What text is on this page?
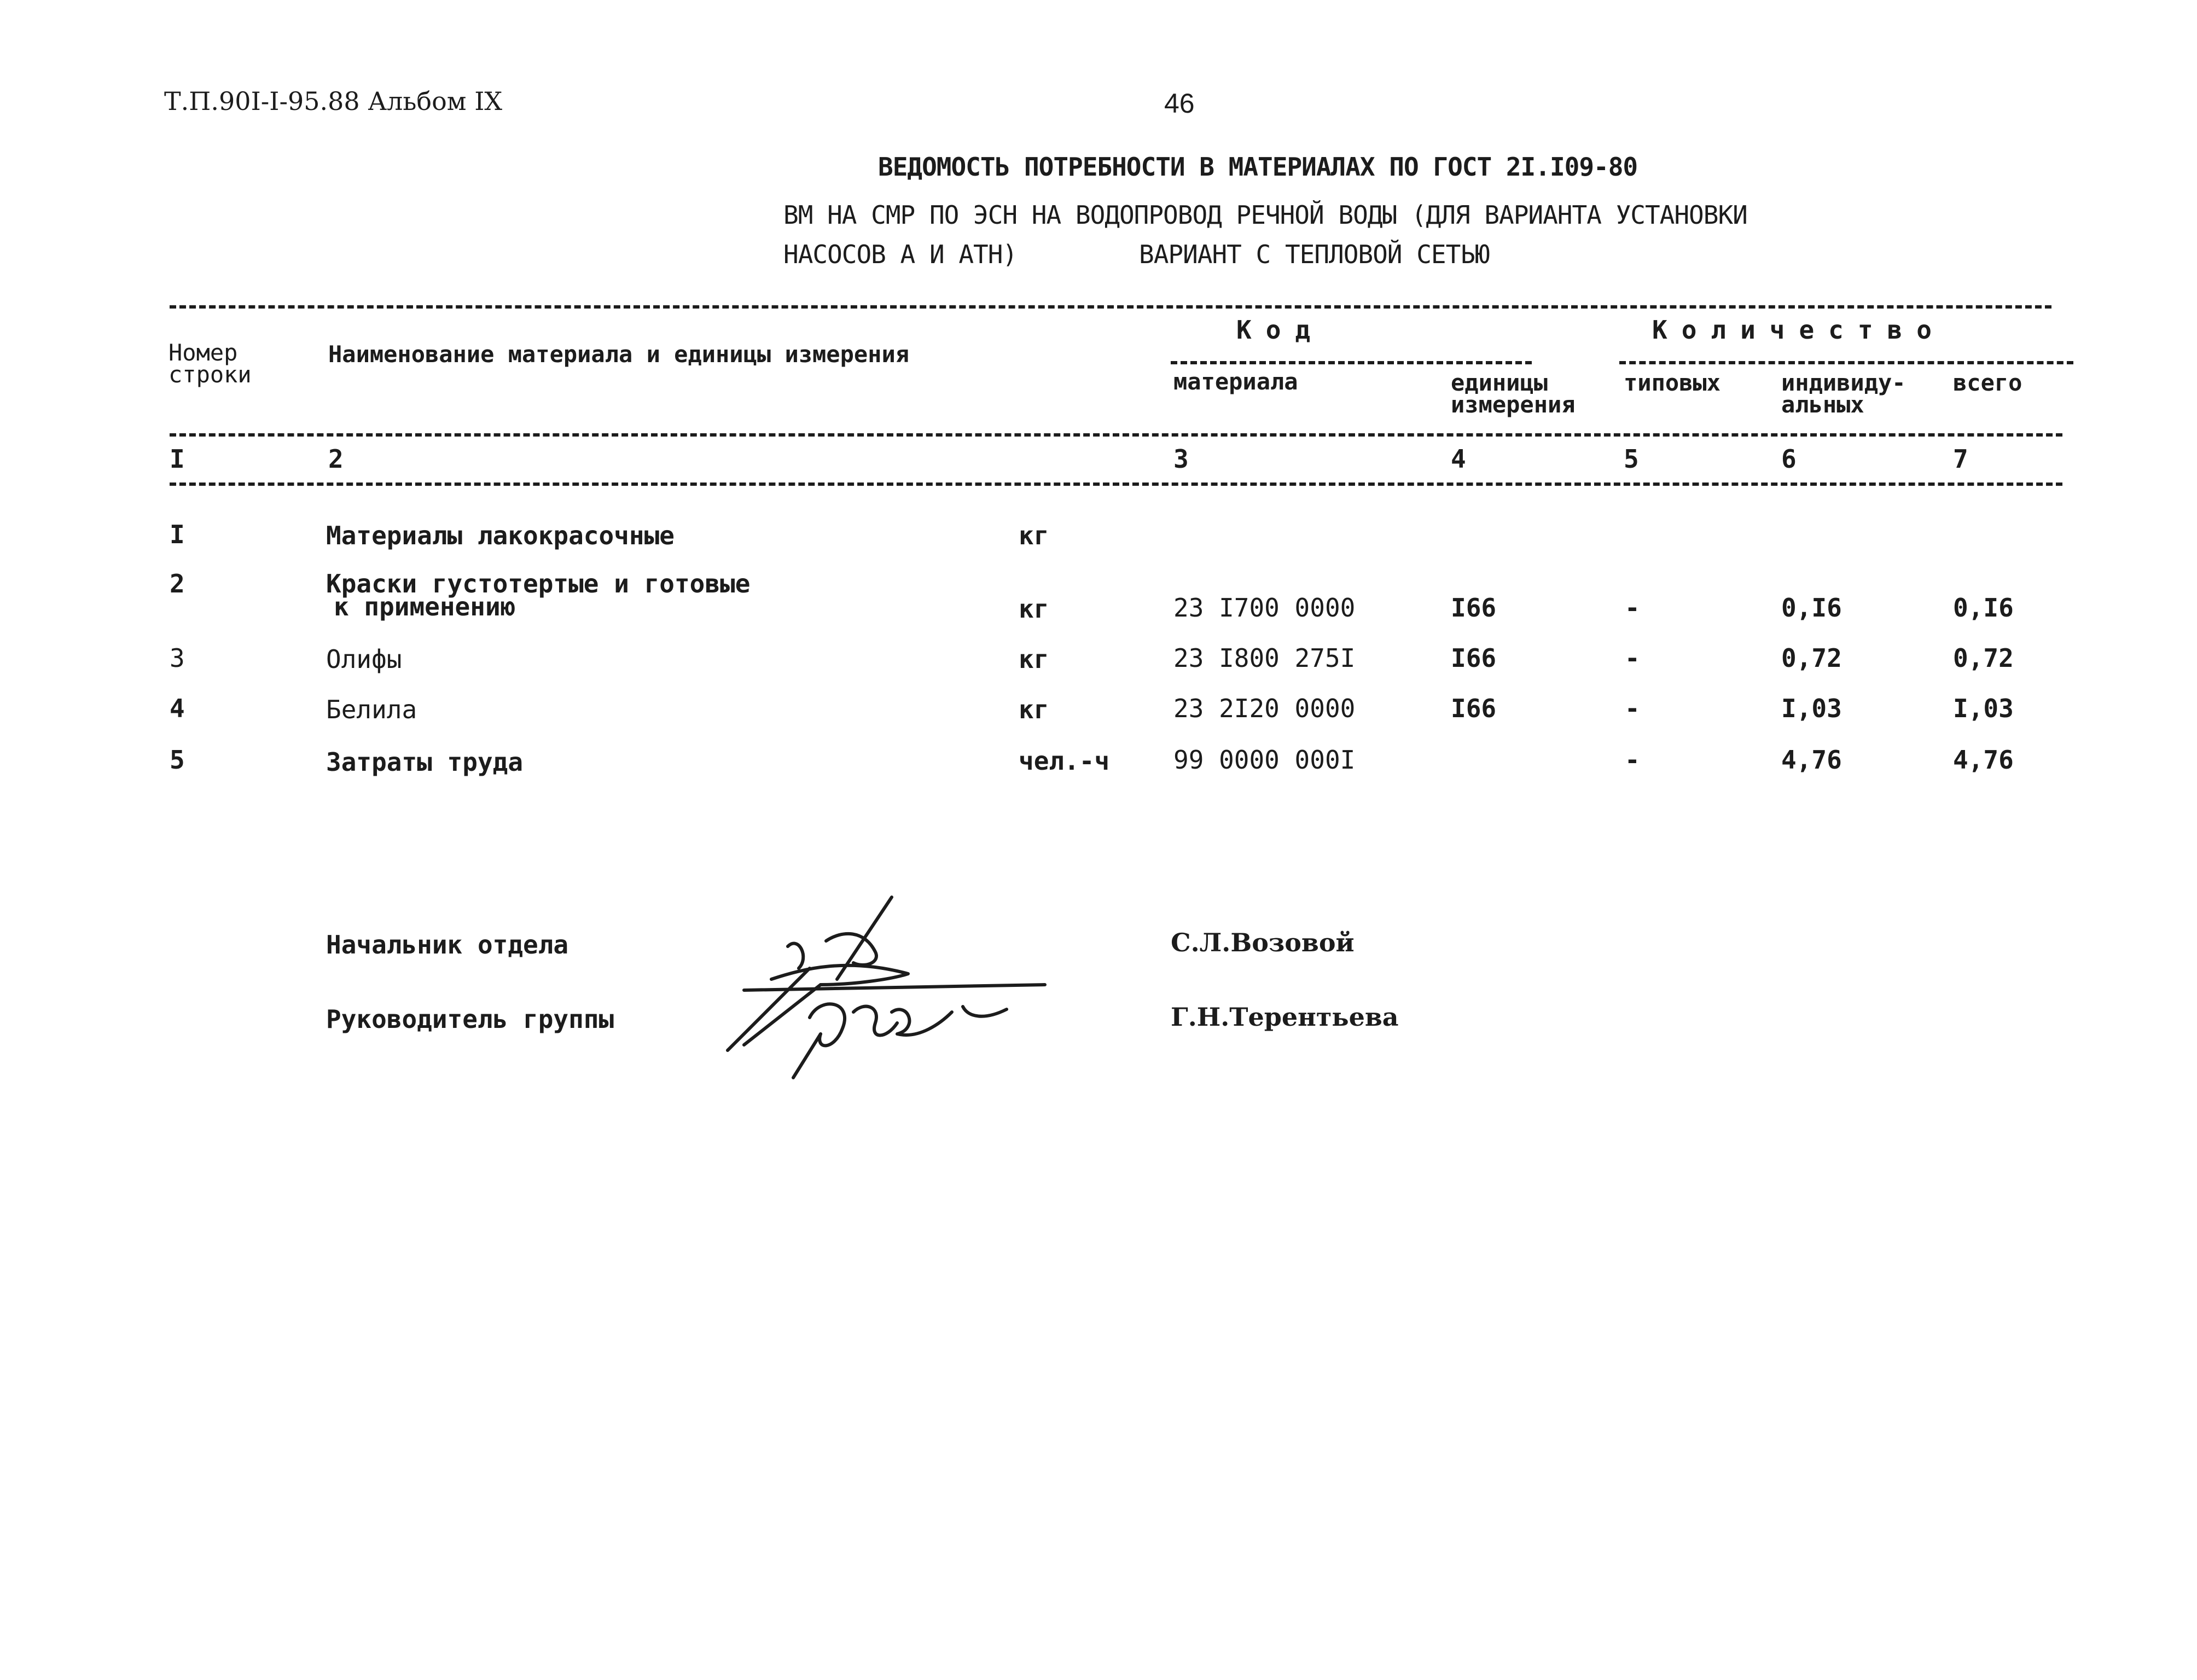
Т.П.90I-I-95.88 Альбом IX	46
ВЕДОМОСТЬ ПОТРЕБНОСТИ В МАТЕРИАЛАХ ПО ГОСТ 2I.I09-80
ВМ НА СМР ПО ЭСН НА ВОДОПРОВОД РЕЧНОЙ ВОДЫ (ДЛЯ ВАРИАНТА УСТАНОВКИ
НАСОСОВ А И АТН)	ВАРИАНТ С ТЕПЛОВОЙ СЕТЬЮ
Номер
строки
Наименование материала и единицы измерения
Код	Количество
материала	единицы
измерения
типовых	индивиду-
альных
всего
I	2	3	4	5	6	7
I	Материалы лакокрасочные	кг
2	Краски густотертые и готовые
к применению	кг	23 I700 0000	I66	-	0,I6	0,I6
3	Олифы	кг	23 I800 275I	I66	-	0,72	0,72
4	Белила	кг	23 2I20 0000	I66	-	I,03	I,03
5	Затраты труда	чел.-ч	99 0000 000I	-	4,76	4,76
Начальник отдела	С.Л.Возовой
Руководитель группы	Г.Н.Терентьева
